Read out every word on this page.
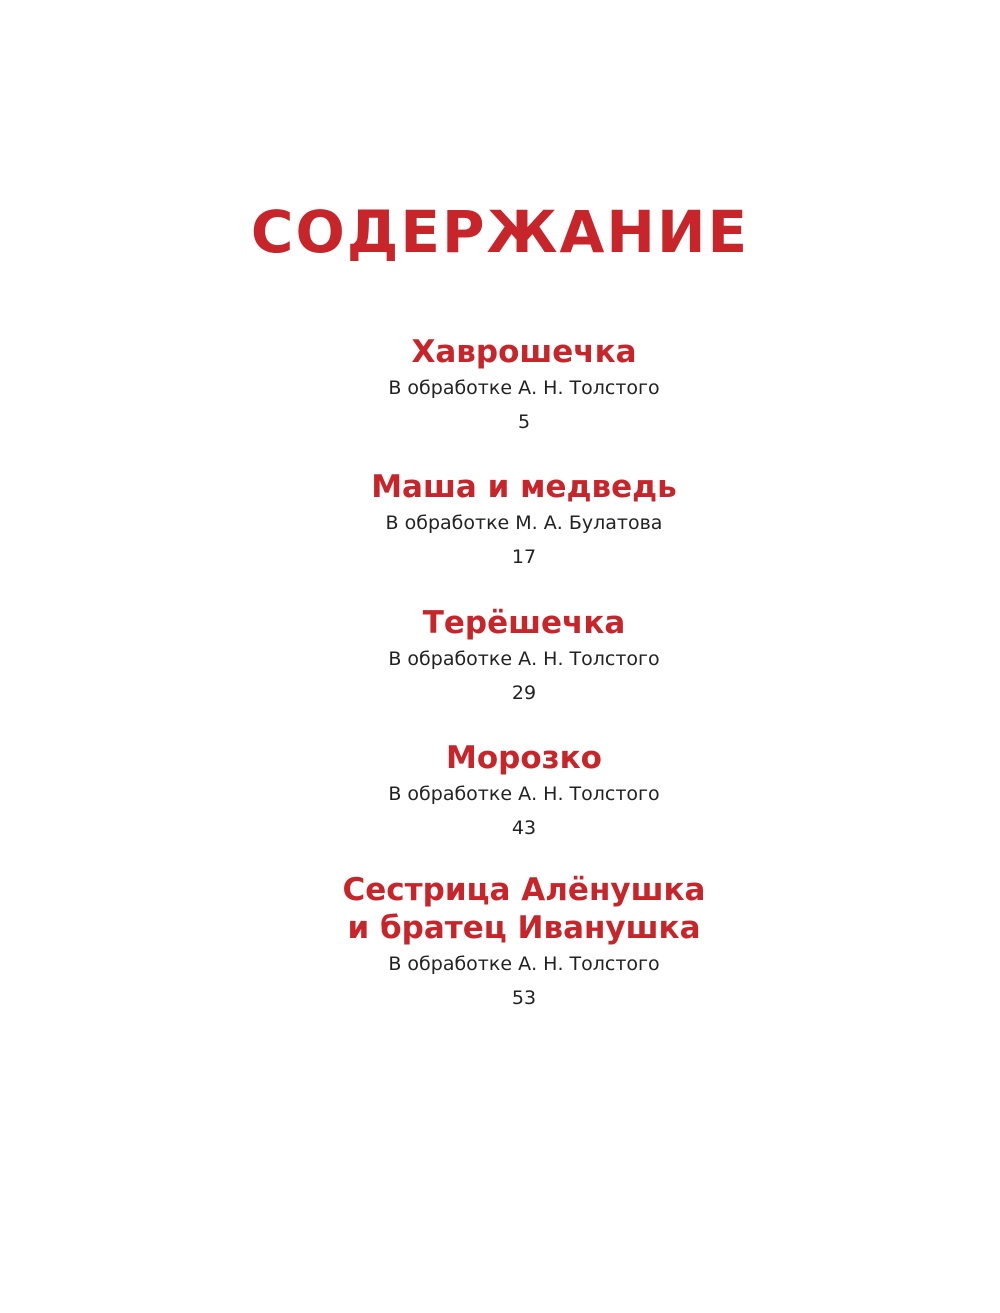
СОДЕРЖАНИЕ
Хаврошечка
В обработке А. Н. Толстого
5
Маша и медведь
В обработке М. А. Булатова
17
Терёшечка
В обработке А. Н. Толстого
29
Морозко
В обработке А. Н. Толстого
43
Сестрица Алёнушка
и братец Иванушка
В обработке А. Н. Толстого
53
